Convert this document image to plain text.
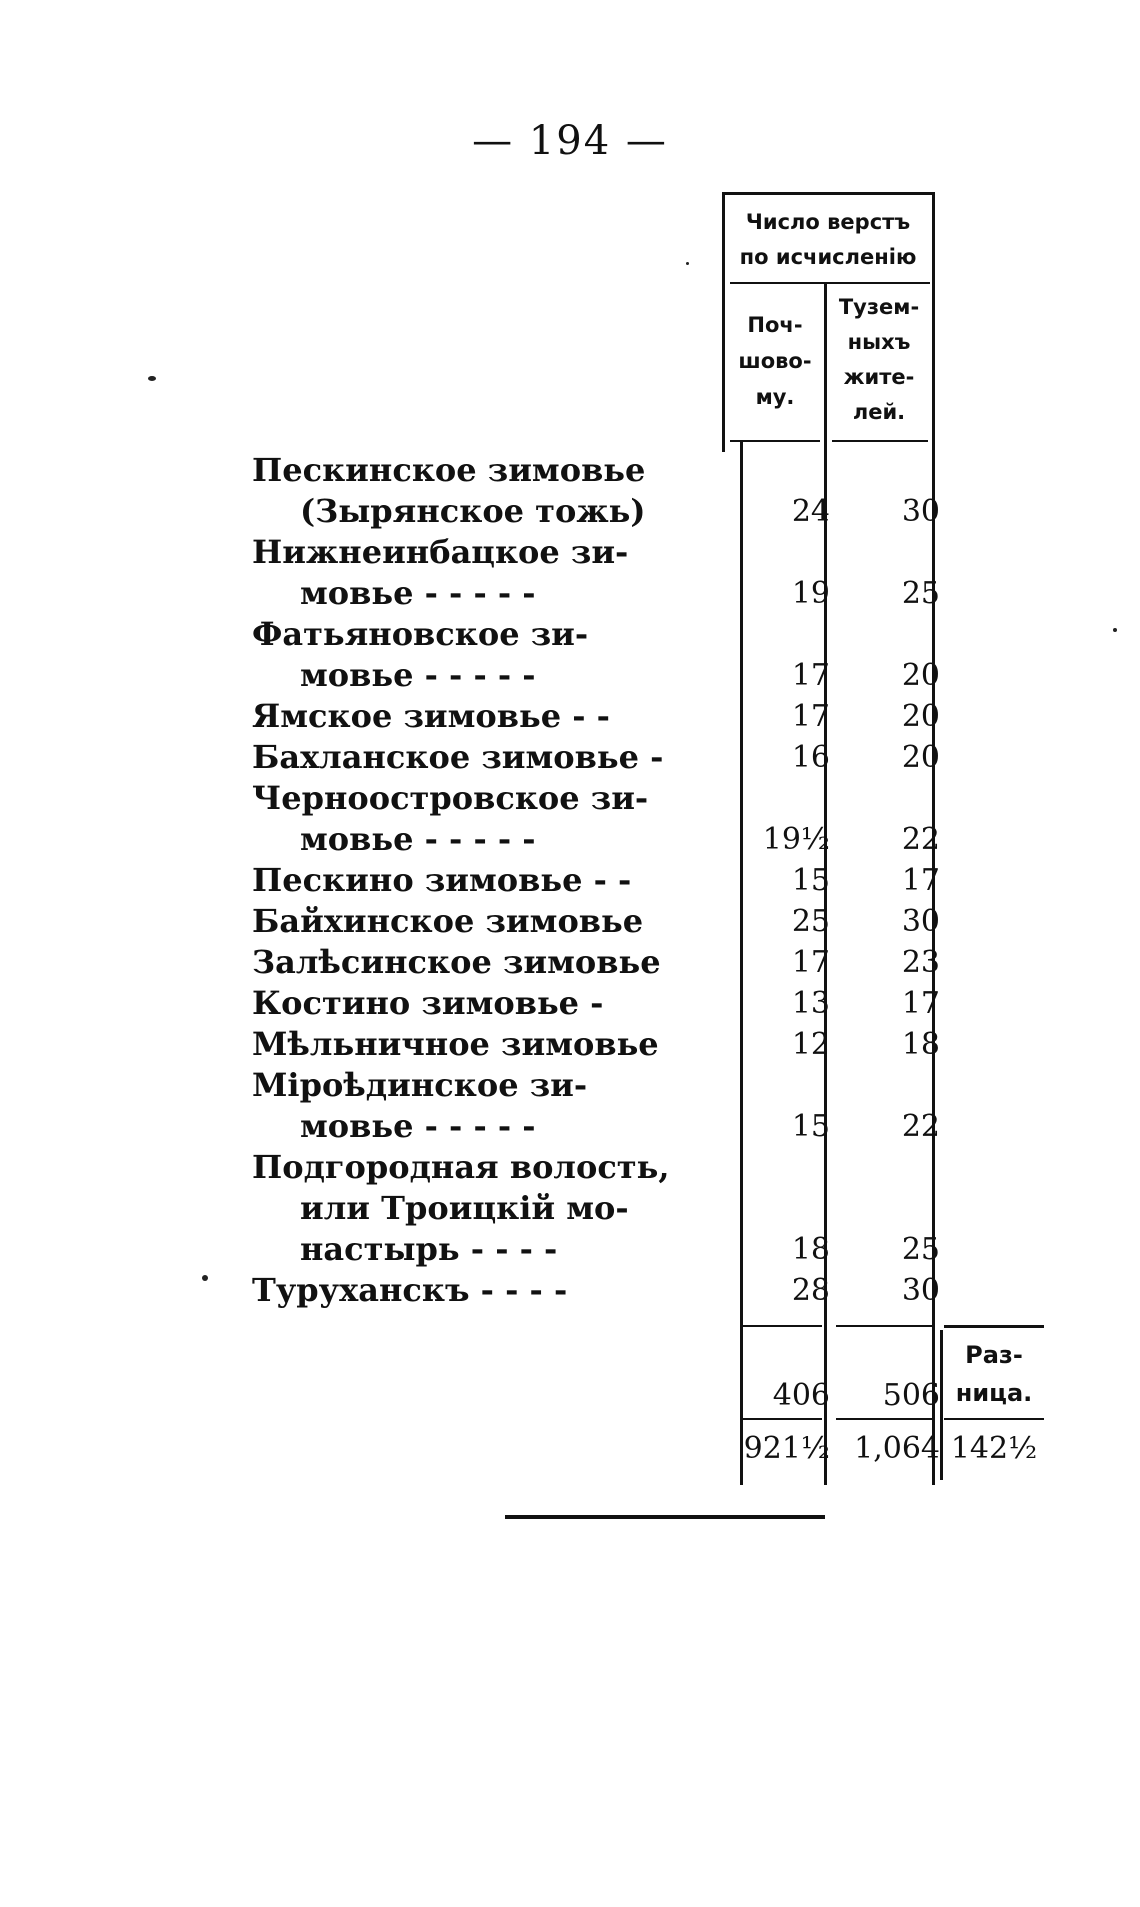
— 194 —
Число верстъ
по исчисленію
Поч-
шово-
му.
Тузем-
ныхъ
жите-
лей.
Пескинское зимовье
(Зырянское тожь)	24	30
Нижнеинбацкое зи-
мовье - - - - -	19	25
Фатьяновское зи-
мовье - - - - -	17	20
Ямское зимовье - -	17	20
Бахланское зимовье -	16	20
Черноостровское зи-
мовье - - - - -	19½	22
Пескино зимовье - -	15	17
Байхинское зимовье	25	30
Залѣсинское зимовье	17	23
Костино зимовье -	13	17
Мѣльничное зимовье	12	18
Міроѣдинское зи-
мовье - - - - -	15	22
Подгородная волость,
или Троицкій мо-
настырь - - - -	18	25
Туруханскъ - - - -	28	30
Раз-
ница.
406	506
921½ 1,064 142½
